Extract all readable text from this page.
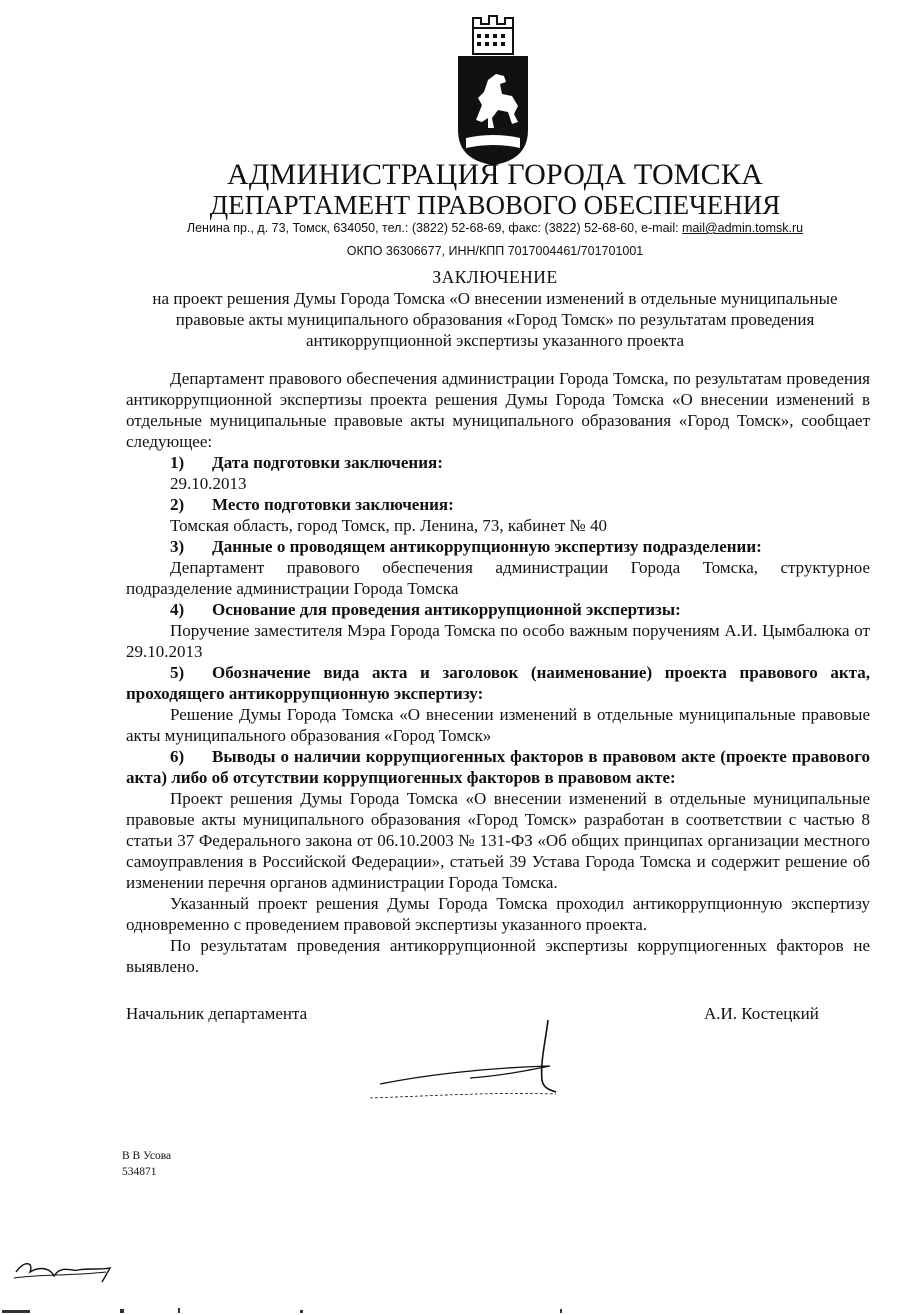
АДМИНИСТРАЦИЯ ГОРОДА ТОМСКА
ДЕПАРТАМЕНТ ПРАВОВОГО ОБЕСПЕЧЕНИЯ
Ленина пр., д. 73, Томск, 634050, тел.: (3822) 52-68-69, факс: (3822) 52-68-60, e-mail: mail@admin.tomsk.ru
ОКПО 36306677, ИНН/КПП 7017004461/701701001
ЗАКЛЮЧЕНИЕ
на проект решения Думы Города Томска «О внесении изменений в отдельные муниципальные
правовые акты муниципального образования «Город Томск» по результатам проведения
антикоррупционной экспертизы указанного проекта

Департамент правового обеспечения администрации Города Томска, по результатам проведения антикоррупционной экспертизы проекта решения Думы Города Томска «О внесении изменений в отдельные муниципальные правовые акты муниципального образования «Город Томск», сообщает следующее:

1) Дата подготовки заключения:

29.10.2013

2) Место подготовки заключения:

Томская область, город Томск, пр. Ленина, 73, кабинет № 40

3) Данные о проводящем антикоррупционную экспертизу подразделении:

Департамент правового обеспечения администрации Города Томска, структурное подразделение администрации Города Томска

4) Основание для проведения антикоррупционной экспертизы:

Поручение заместителя Мэра Города Томска по особо важным поручениям А.И. Цымбалюка от 29.10.2013

5) Обозначение вида акта и заголовок (наименование) проекта правового акта, проходящего антикоррупционную экспертизу:

Решение Думы Города Томска «О внесении изменений в отдельные муниципальные правовые акты муниципального образования «Город Томск»

6) Выводы о наличии коррупциогенных факторов в правовом акте (проекте правового акта) либо об отсутствии коррупциогенных факторов в правовом акте:

Проект решения Думы Города Томска «О внесении изменений в отдельные муниципальные правовые акты муниципального образования «Город Томск» разработан в соответствии с частью 8 статьи 37 Федерального закона от 06.10.2003 № 131-ФЗ «Об общих принципах организации местного самоуправления в Российской Федерации», статьей 39 Устава Города Томска и содержит решение об изменении перечня органов администрации Города Томска.

Указанный проект решения Думы Города Томска проходил антикоррупционную экспертизу одновременно с проведением правовой экспертизы указанного проекта.

По результатам проведения антикоррупционной экспертизы коррупциогенных факторов не выявлено.

Начальник департамента	А.И. Костецкий
В В Усова
534871
